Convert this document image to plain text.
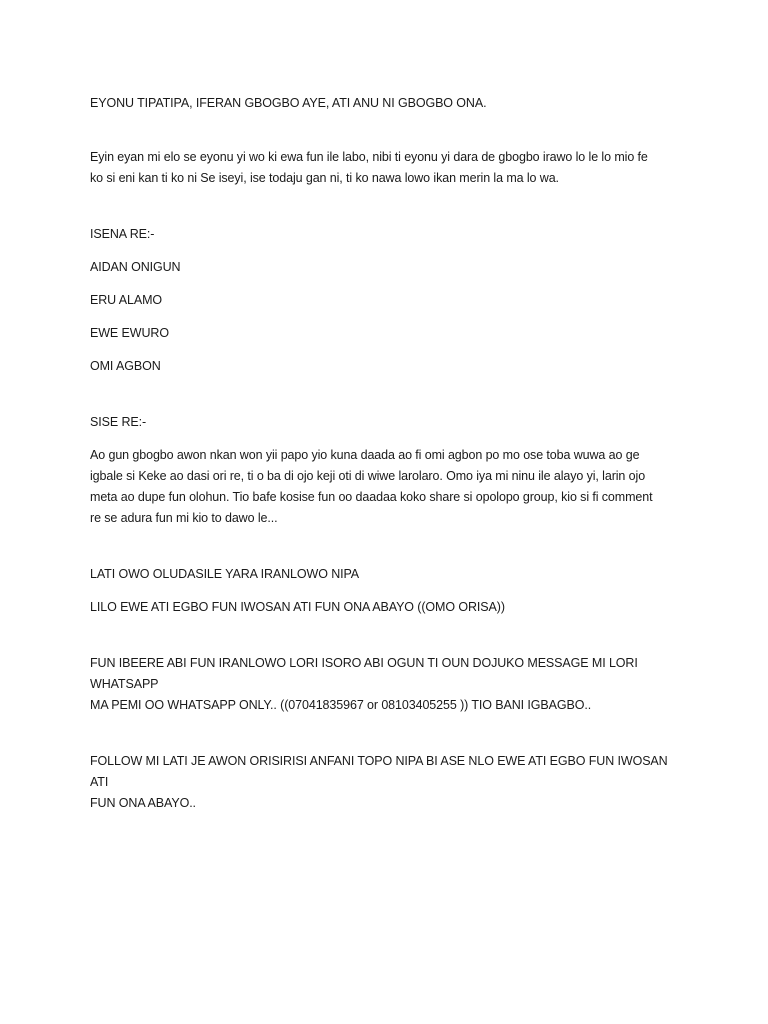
EYONU TIPATIPA, IFERAN GBOGBO AYE, ATI ANU NI GBOGBO ONA.

Eyin eyan mi elo se eyonu yi wo ki ewa fun ile labo, nibi ti eyonu yi dara de gbogbo irawo lo le lo mio fe
ko si eni kan ti ko ni Se iseyi, ise todaju gan ni, ti ko nawa lowo ikan merin la ma lo wa.

ISENA RE:-

AIDAN ONIGUN

ERU ALAMO

EWE EWURO

OMI AGBON

SISE RE:-

Ao gun gbogbo awon nkan won yii papo yio kuna daada ao fi omi agbon po mo ose toba wuwa ao ge
igbale si Keke ao dasi ori re, ti o ba di ojo keji oti di wiwe larolaro. Omo iya mi ninu ile alayo yi, larin ojo
meta ao dupe fun olohun. Tio bafe kosise fun oo daadaa koko share si opolopo group, kio si fi comment
re se adura fun mi kio to dawo le...

LATI OWO OLUDASILE YARA IRANLOWO NIPA

LILO EWE ATI EGBO FUN IWOSAN ATI FUN ONA ABAYO ((OMO ORISA))

FUN IBEERE ABI FUN IRANLOWO LORI ISORO ABI OGUN TI OUN DOJUKO MESSAGE MI LORI WHATSAPP
MA PEMI OO WHATSAPP ONLY.. ((07041835967 or 08103405255 )) TIO BANI IGBAGBO..

FOLLOW MI LATI JE AWON ORISIRISI ANFANI TOPO NIPA BI ASE NLO EWE ATI EGBO FUN IWOSAN ATI
FUN ONA ABAYO..
